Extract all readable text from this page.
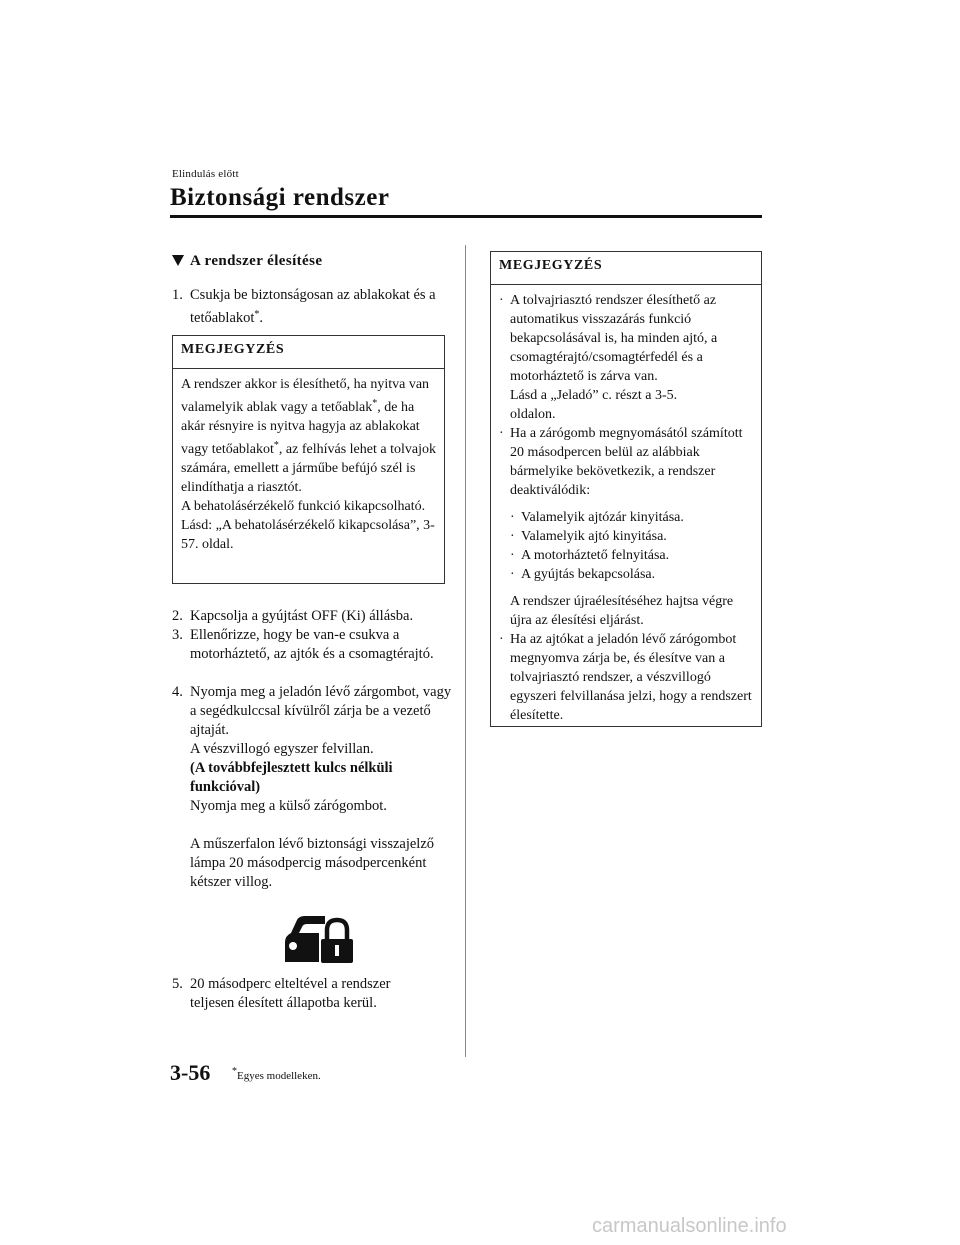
Elindulás előtt
Biztonsági rendszer
A rendszer élesítése
1. Csukja be biztonságosan az ablakokat és a tetőablakot*.
MEGJEGYZÉS
A rendszer akkor is élesíthető, ha nyitva van valamelyik ablak vagy a tetőablak*, de ha akár résnyire is nyitva hagyja az ablakokat vagy tetőablakot*, az felhívás lehet a tolvajok számára, emellett a járműbe befújó szél is elindíthatja a riasztót.
A behatolásérzékelő funkció kikapcsolható.
Lásd: „A behatolásérzékelő kikapcsolása”, 3-57. oldal.
2. Kapcsolja a gyújtást OFF (Ki) állásba.
3. Ellenőrizze, hogy be van-e csukva a motorháztető, az ajtók és a csomagtérajtó.
4. Nyomja meg a jeladón lévő zárgombot, vagy a segédkulccsal kívülről zárja be a vezető ajtaját.
A vészvillogó egyszer felvillan.
(A továbbfejlesztett kulcs nélküli funkcióval)
Nyomja meg a külső zárógombot.
A műszerfalon lévő biztonsági visszajelző lámpa 20 másodpercig másodpercenként kétszer villog.
5. 20 másodperc elteltével a rendszer teljesen élesített állapotba kerül.
MEGJEGYZÉS
· A tolvajriasztó rendszer élesíthető az automatikus visszazárás funkció bekapcsolásával is, ha minden ajtó, a csomagtérajtó/csomagtérfedél és a motorháztető is zárva van.
Lásd a „Jeladó” c. részt a 3-5. oldalon.
· Ha a zárógomb megnyomásától számított 20 másodpercen belül az alábbiak bármelyike bekövetkezik, a rendszer deaktiválódik:
· Valamelyik ajtózár kinyitása.
· Valamelyik ajtó kinyitása.
· A motorháztető felnyitása.
· A gyújtás bekapcsolása.
A rendszer újraélesítéséhez hajtsa végre újra az élesítési eljárást.
· Ha az ajtókat a jeladón lévő zárógombot megnyomva zárja be, és élesítve van a tolvajriasztó rendszer, a vészvillogó egyszeri felvillanása jelzi, hogy a rendszert élesítette.
3-56 *Egyes modelleken.
carmanualsonline.info
